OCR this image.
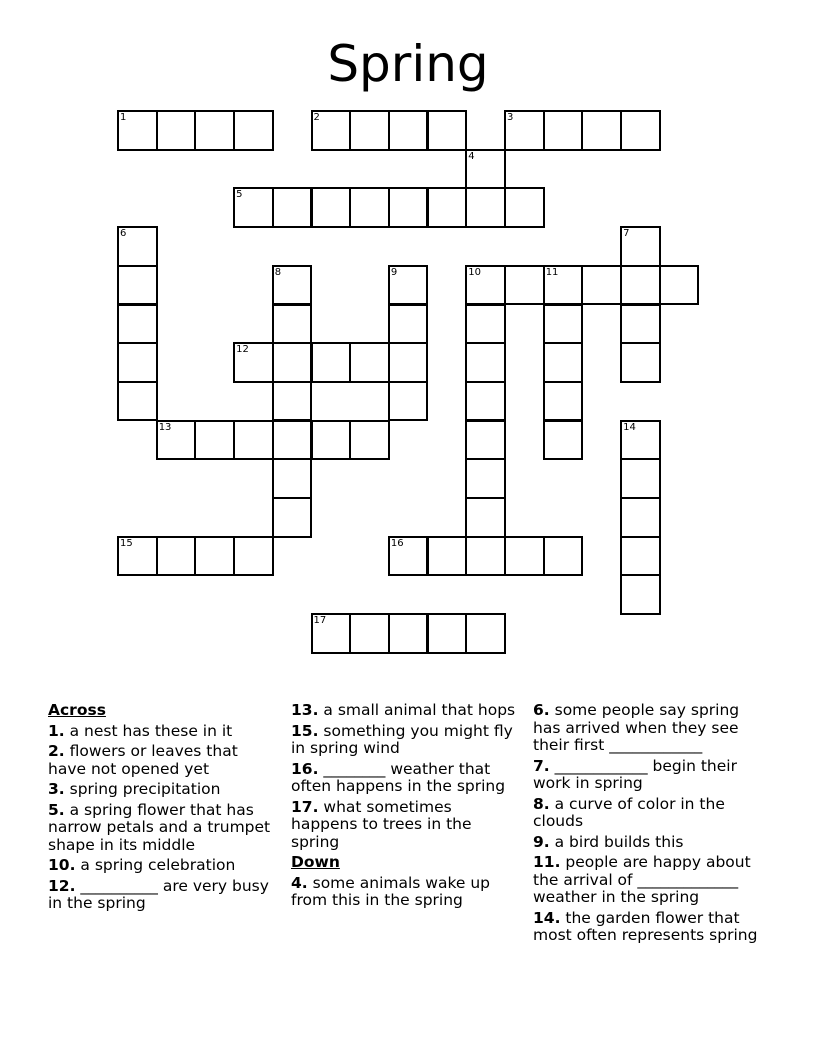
Spring
1	2	3
4
5
6	7
8	9	10	11
12
13	14
15	16
17
Across
1. a nest has these in it
2. flowers or leaves that have not opened yet
3. spring precipitation
5. a spring flower that has narrow petals and a trumpet shape in its middle
10. a spring celebration
12. __________ are very busy in the spring
13. a small animal that hops
15. something you might fly in spring wind
16. ________ weather that often happens in the spring
17. what sometimes happens to trees in the spring
Down
4. some animals wake up from this in the spring
6. some people say spring has arrived when they see their first ____________
7. ____________ begin their work in spring
8. a curve of color in the clouds
9. a bird builds this
11. people are happy about the arrival of _____________ weather in the spring
14. the garden flower that most often represents spring
